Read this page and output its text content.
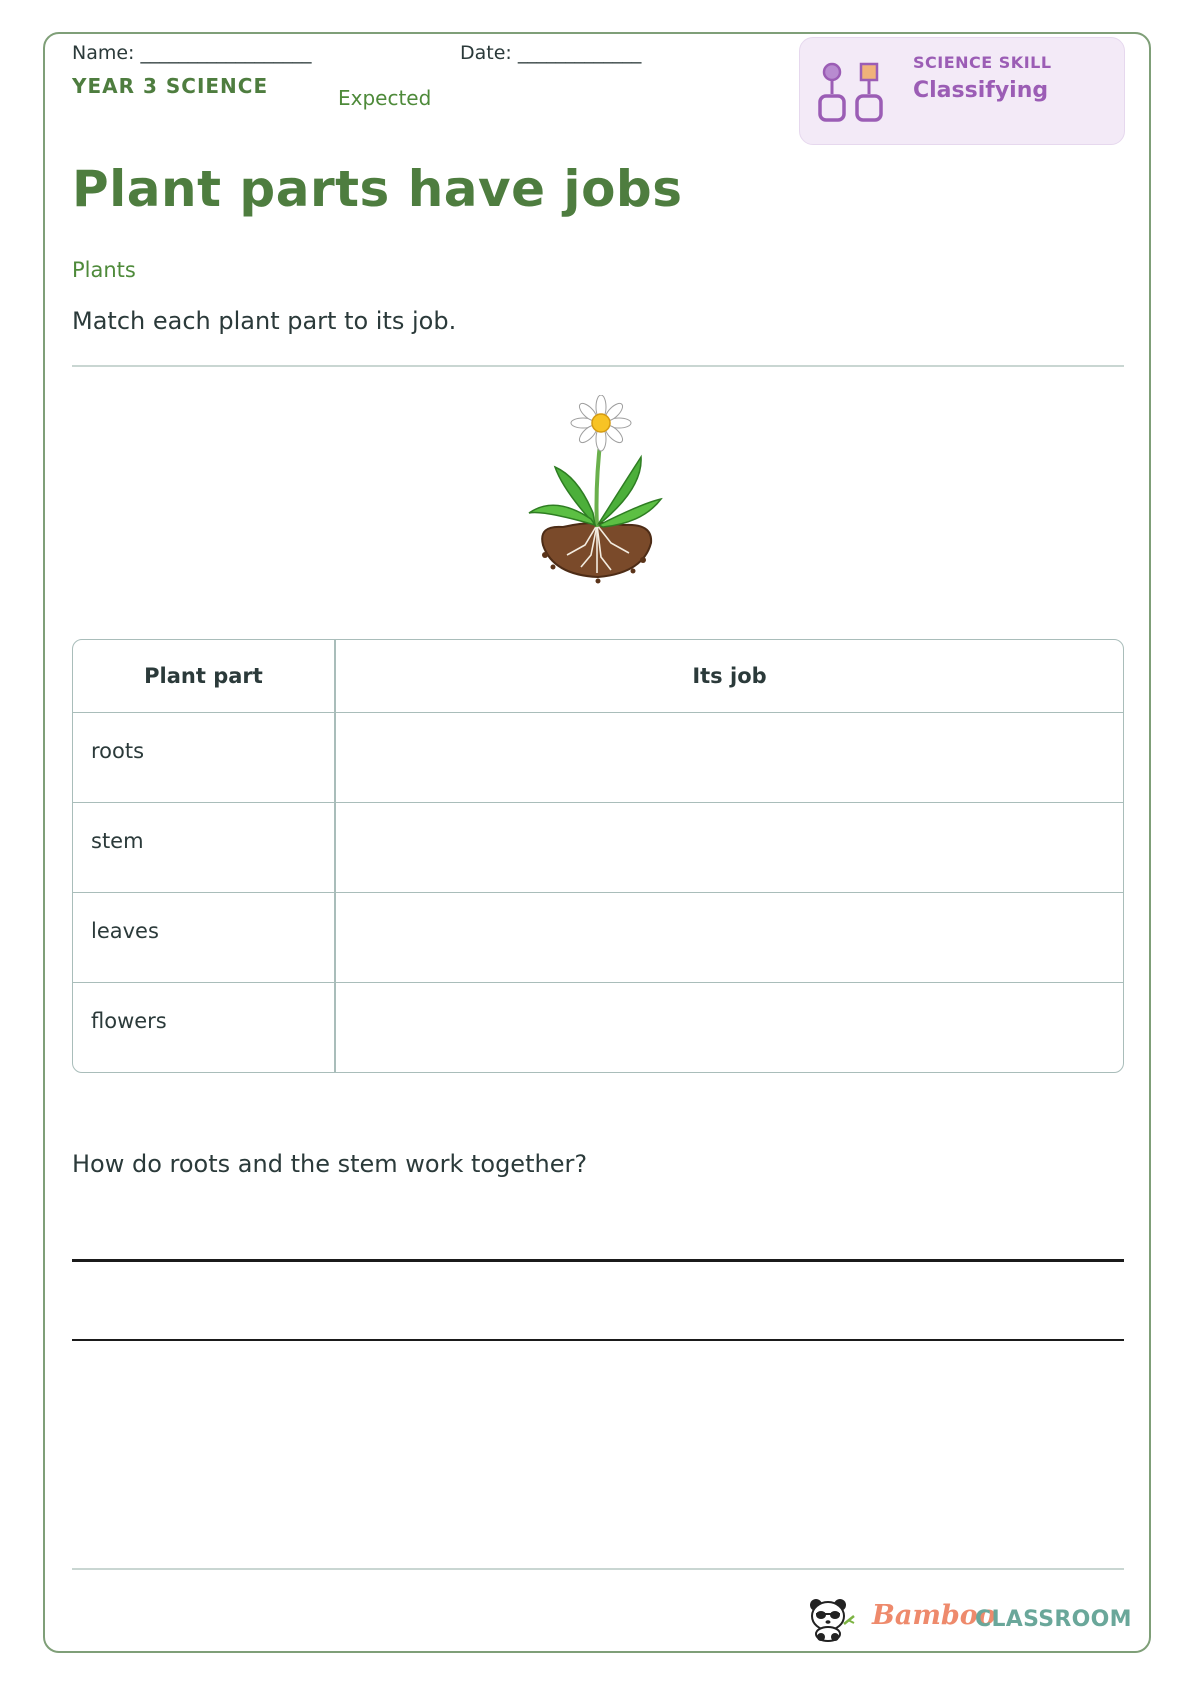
Name: __________________	Date: _____________
YEAR 3 SCIENCE	Expected
SCIENCE SKILL
Classifying
Plant parts have jobs
Plants
Match each plant part to its job.
Plant part	Its job
roots
stem
leaves
flowers
How do roots and the stem work together?
Bamboo
CLASSROOM
